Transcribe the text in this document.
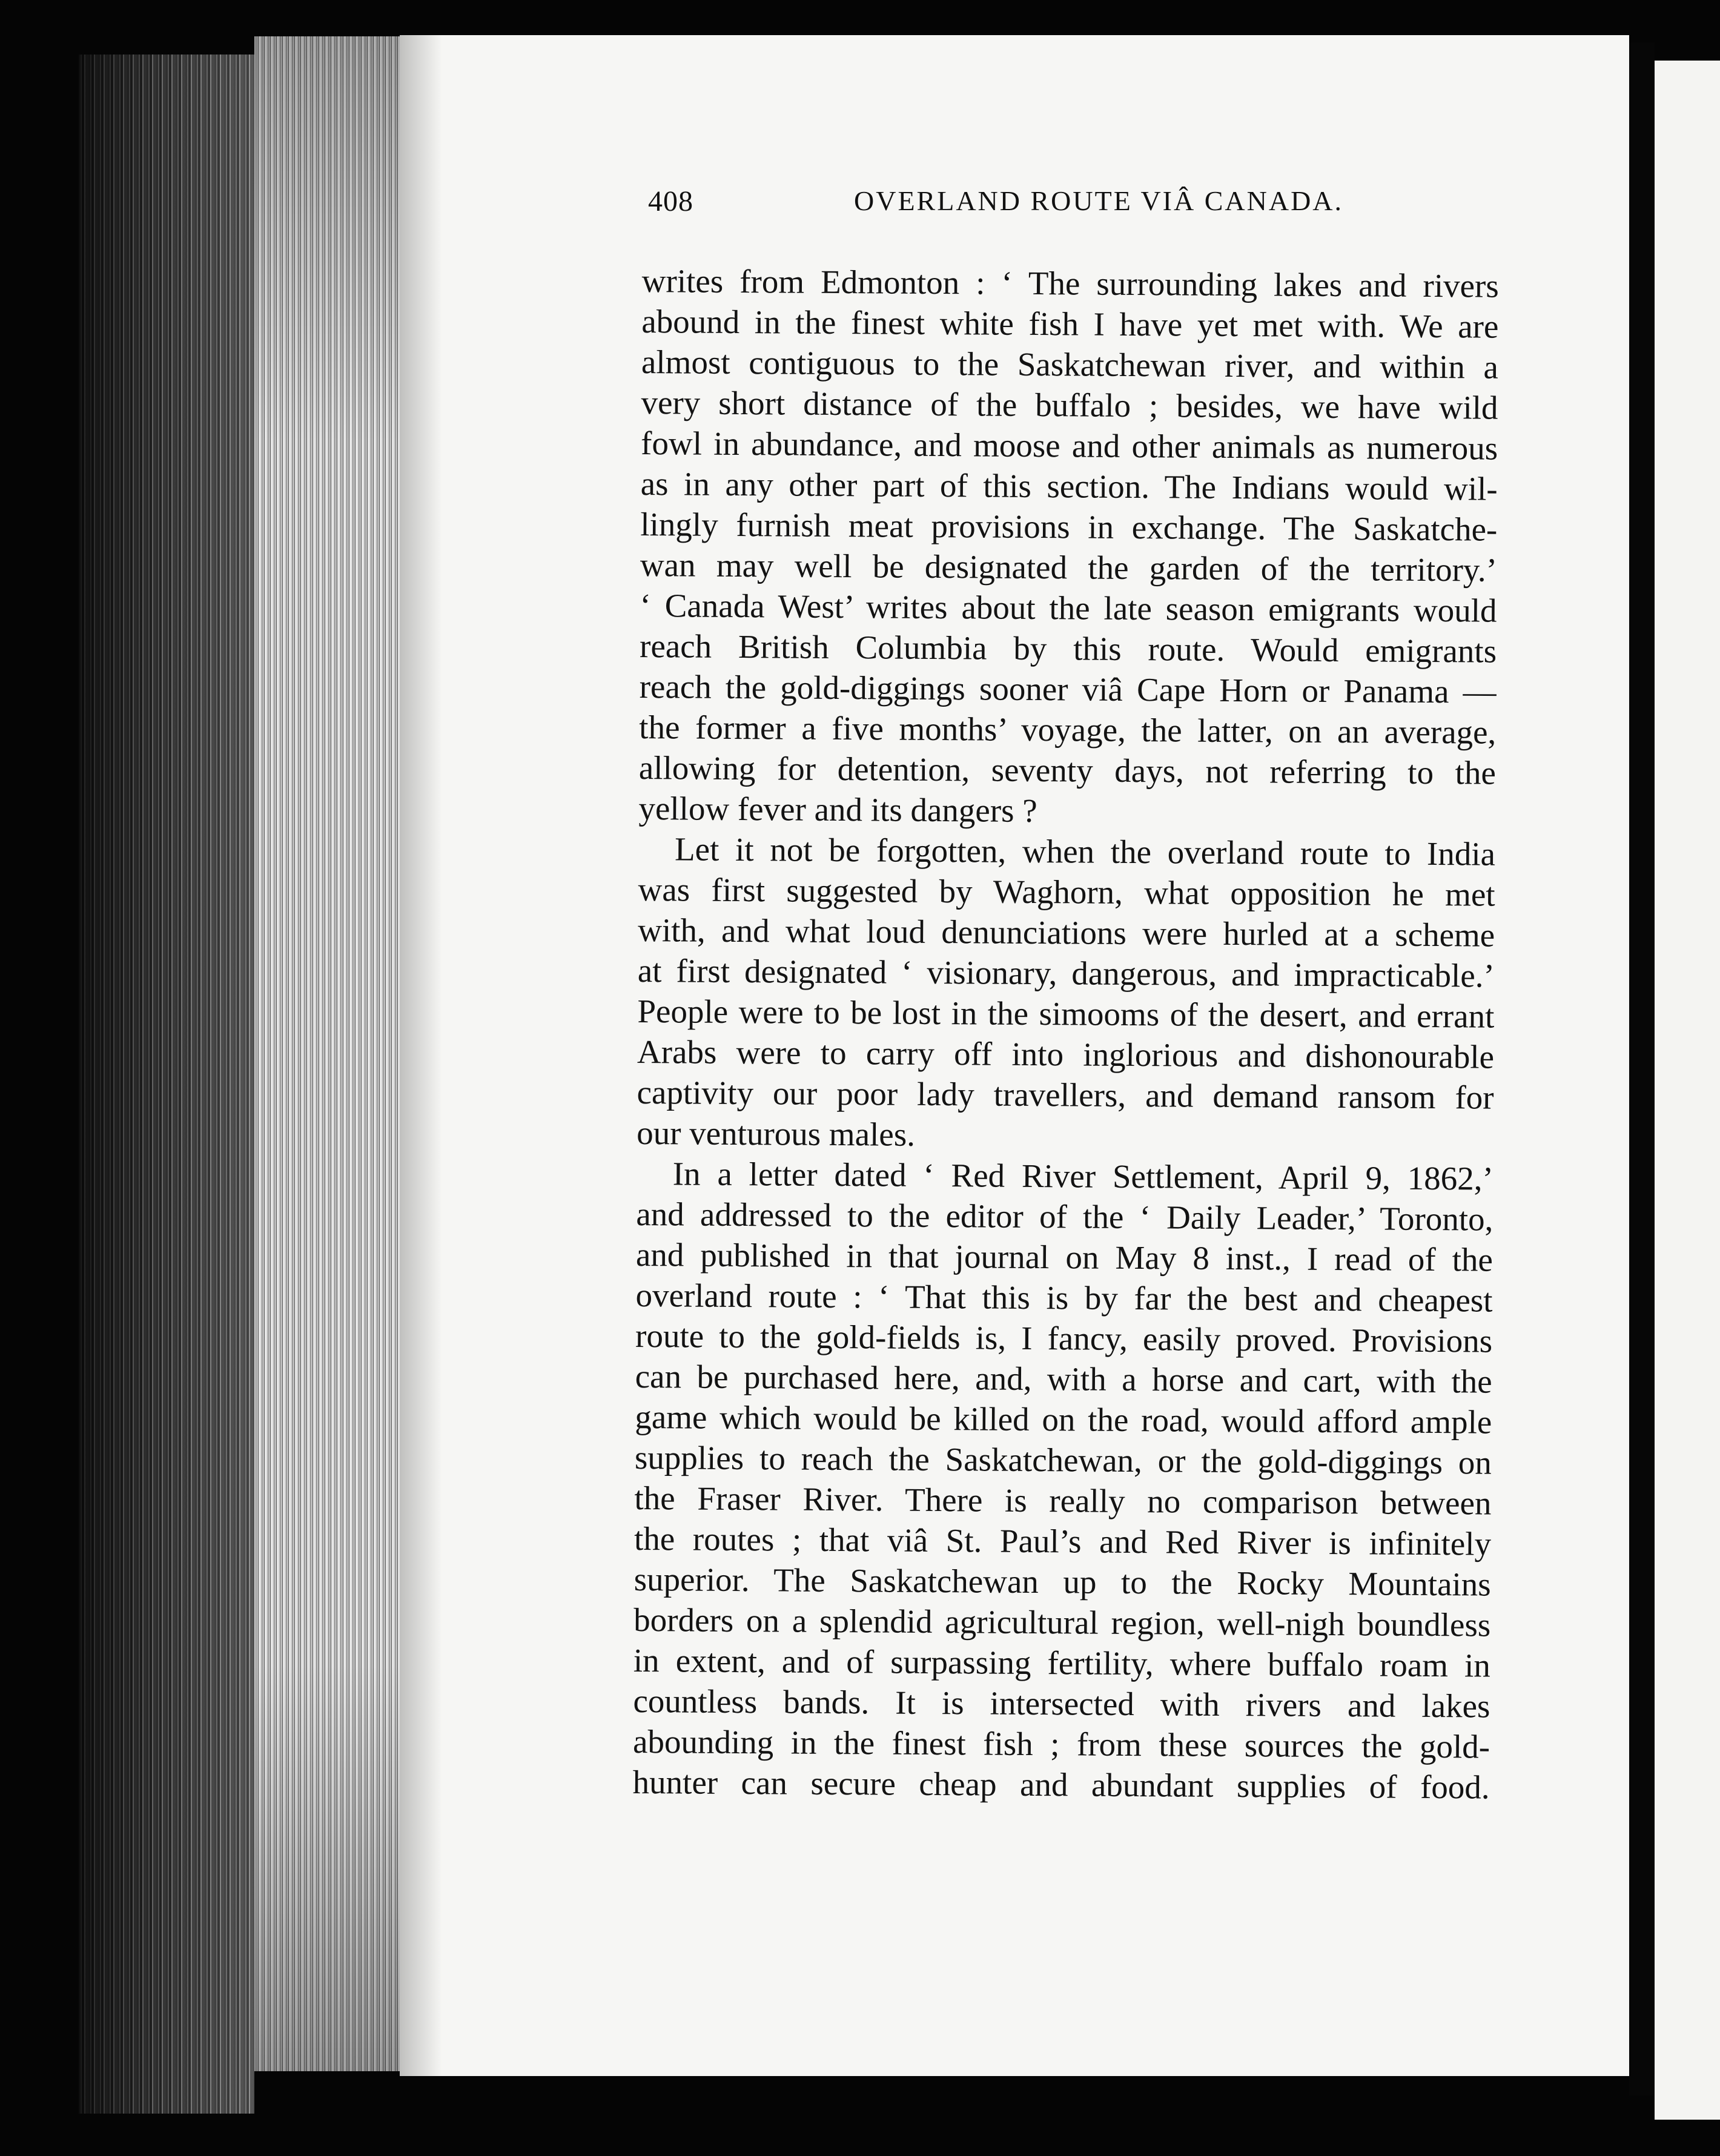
408	OVERLAND ROUTE VIÂ CANADA.
writes from Edmonton : ‘ The surrounding lakes and rivers
abound in the finest white fish I have yet met with. We are
almost contiguous to the Saskatchewan river, and within a
very short distance of the buffalo ; besides, we have wild
fowl in abundance, and moose and other animals as numerous
as in any other part of this section. The Indians would wil-
lingly furnish meat provisions in exchange. The Saskatche-
wan may well be designated the garden of the territory.’
‘ Canada West’ writes about the late season emigrants would
reach British Columbia by this route. Would emigrants
reach the gold-diggings sooner viâ Cape Horn or Panama —
the former a five months’ voyage, the latter, on an average,
allowing for detention, seventy days, not referring to the
yellow fever and its dangers ?
Let it not be forgotten, when the overland route to India
was first suggested by Waghorn, what opposition he met
with, and what loud denunciations were hurled at a scheme
at first designated ‘ visionary, dangerous, and impracticable.’
People were to be lost in the simooms of the desert, and errant
Arabs were to carry off into inglorious and dishonourable
captivity our poor lady travellers, and demand ransom for
our venturous males.
In a letter dated ‘ Red River Settlement, April 9, 1862,’
and addressed to the editor of the ‘ Daily Leader,’ Toronto,
and published in that journal on May 8 inst., I read of the
overland route : ‘ That this is by far the best and cheapest
route to the gold-fields is, I fancy, easily proved. Provisions
can be purchased here, and, with a horse and cart, with the
game which would be killed on the road, would afford ample
supplies to reach the Saskatchewan, or the gold-diggings on
the Fraser River. There is really no comparison between
the routes ; that viâ St. Paul’s and Red River is infinitely
superior. The Saskatchewan up to the Rocky Mountains
borders on a splendid agricultural region, well-nigh boundless
in extent, and of surpassing fertility, where buffalo roam in
countless bands. It is intersected with rivers and lakes
abounding in the finest fish ; from these sources the gold-
hunter can secure cheap and abundant supplies of food.
